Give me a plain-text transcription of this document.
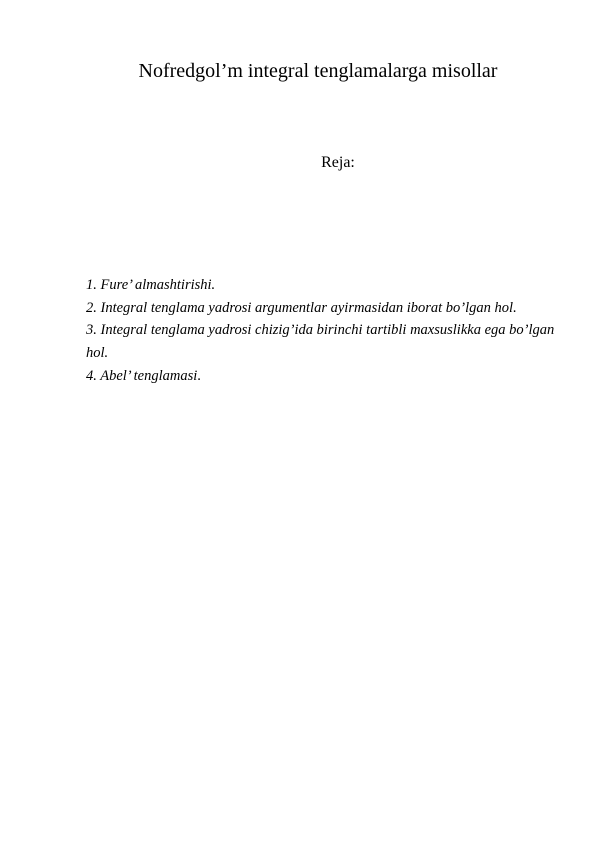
Nofredgol’m integral tenglamalarga misollar
Reja:
1. Fure’ almashtirishi.
2. Integral tenglama yadrosi argumentlar ayirmasidan iborat bo’lgan hol.
3. Integral tenglama yadrosi chizig’ida birinchi tartibli maxsuslikka ega bo’lgan hol.
4. Abel’ tenglamasi.
